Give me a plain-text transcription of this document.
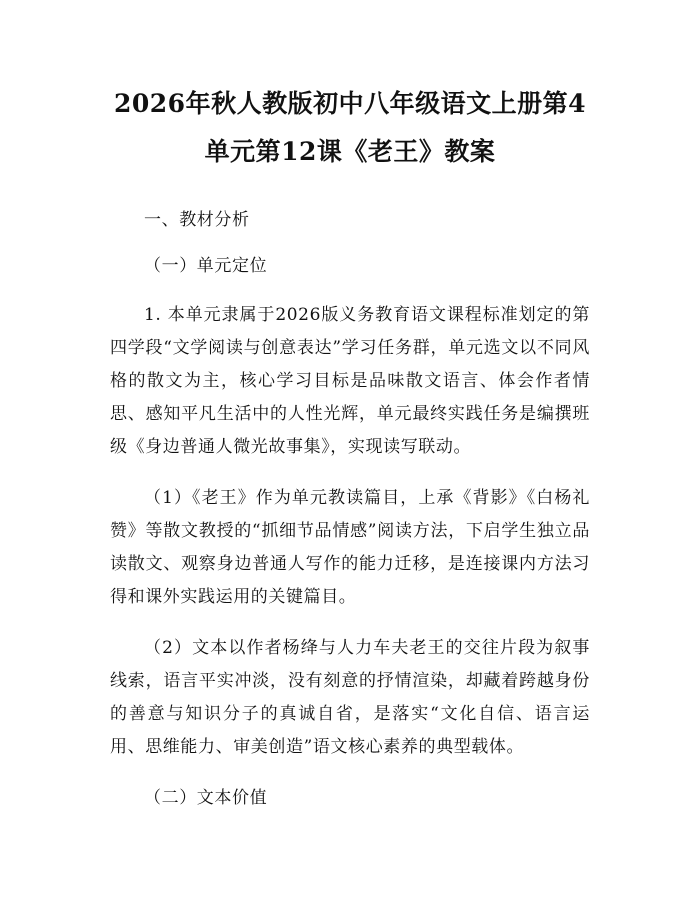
2026年秋人教版初中八年级语文上册第4单元第12课《老王》教案

一、教材分析

（一）单元定位

1. 本单元隶属于2026版义务教育语文课程标准划定的第四学段“文学阅读与创意表达”学习任务群，单元选文以不同风格的散文为主，核心学习目标是品味散文语言、体会作者情思、感知平凡生活中的人性光辉，单元最终实践任务是编撰班级《身边普通人微光故事集》，实现读写联动。

（1）《老王》作为单元教读篇目，上承《背影》《白杨礼赞》等散文教授的“抓细节品情感”阅读方法，下启学生独立品读散文、观察身边普通人写作的能力迁移，是连接课内方法习得和课外实践运用的关键篇目。

（2）文本以作者杨绛与人力车夫老王的交往片段为叙事线索，语言平实冲淡，没有刻意的抒情渲染，却藏着跨越身份的善意与知识分子的真诚自省，是落实“文化自信、语言运用、思维能力、审美创造”语文核心素养的典型载体。

（二）文本价值
